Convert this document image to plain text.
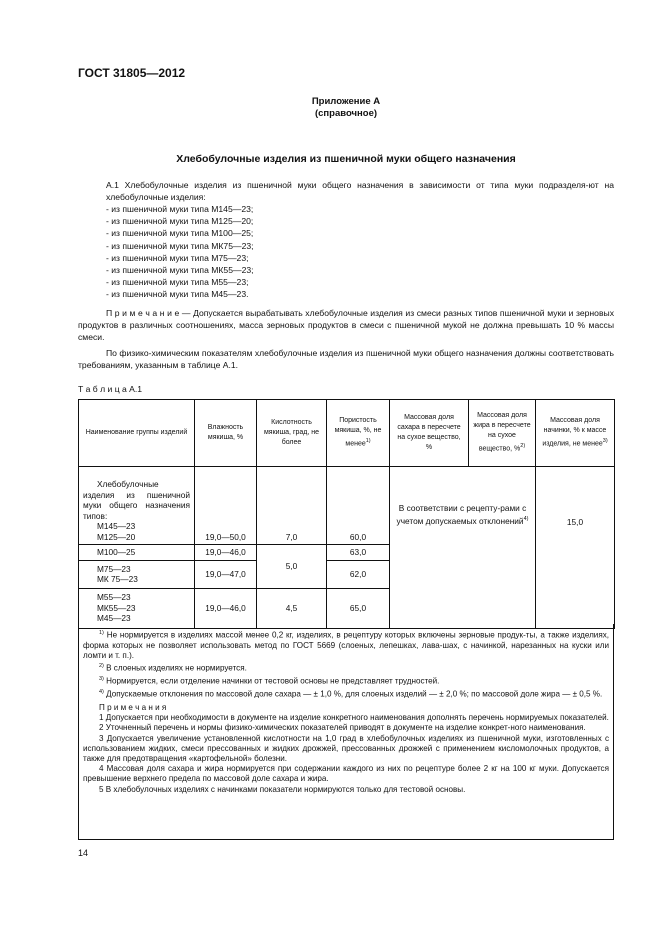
ГОСТ 31805—2012
Приложение А
(справочное)
Хлебобулочные изделия из пшеничной муки общего назначения
А.1 Хлебобулочные изделия из пшеничной муки общего назначения в зависимости от типа муки подразделя-ют на хлебобулочные изделия:
- из пшеничной муки типа М145—23;
- из пшеничной муки типа М125—20;
- из пшеничной муки типа М100—25;
- из пшеничной муки типа МК75—23;
- из пшеничной муки типа М75—23;
- из пшеничной муки типа МК55—23;
- из пшеничной муки типа М55—23;
- из пшеничной муки типа М45—23.
П р и м е ч а н и е — Допускается вырабатывать хлебобулочные изделия из смеси разных типов пшеничной муки и зерновых продуктов в различных соотношениях, масса зерновых продуктов в смеси с пшеничной мукой не должна превышать 10 % массы смеси.
По физико-химическим показателям хлебобулочные изделия из пшеничной муки общего назначения должны соответствовать требованиям, указанным в таблице А.1.
Т а б л и ц а А.1
Наименование группы изделий	Влажность мякиша, %	Кислотность мякиша, град, не более	Пористость мякиша, %, не менее$^{1)}$	Массовая доля сахара в пересчете на сухое вещество, %	Массовая доля жира в пересчете на сухое вещество, %$^{2)}$	Массовая доля начинки, % к массе изделия, не менее$^{3)}$

Хлебобулочные изделия из пшеничной муки общего назначения типов:
М145—23
М125—20	19,0—50,0	7,0	60,0	В соответствии с рецепту-рами с учетом допускаемых отклонений$^{4)}$		15,0
М100—25	19,0—46,0	5,0	63,0			

М75—23
МК 75—23	19,0—47,0		62,0			

М55—23
МК55—23
М45—23	19,0—46,0	4,5	65,0			

$^{1)}$ Не нормируется в изделиях массой менее 0,2 кг, изделиях, в рецептуру которых включены зерновые продук-ты, а также изделиях, форма которых не позволяет использовать метод по ГОСТ 5669 (слоеных, лепешках, лава-шах, с начинкой, нарезанных на куски или ломти и т. п.).

$^{2)}$ В слоеных изделиях не нормируется.

$^{3)}$ Нормируется, если отделение начинки от тестовой основы не представляет трудностей.

$^{4)}$ Допускаемые отклонения по массовой доле сахара — ± 1,0 %, для слоеных изделий — ± 2,0 %; по массовой доле жира — ± 0,5 %.

П р и м е ч а н и я

1 Допускается при необходимости в документе на изделие конкретного наименования дополнять перечень нормируемых показателей.

2 Уточненный перечень и нормы физико-химических показателей приводят в документе на изделие конкрет-ного наименования.

3 Допускается увеличение установленной кислотности на 1,0 град в хлебобулочных изделиях из пшеничной муки, изготовленных с использованием жидких, смеси прессованных и жидких дрожжей, прессованных дрожжей с применением кисломолочных продуктов, а также для предотвращения «картофельной» болезни.

4 Массовая доля сахара и жира нормируется при содержании каждого из них по рецептуре более 2 кг на 100 кг муки. Допускается превышение верхнего предела по массовой доле сахара и жира.

5 В хлебобулочных изделиях с начинками показатели нормируются только для тестовой основы.

14
